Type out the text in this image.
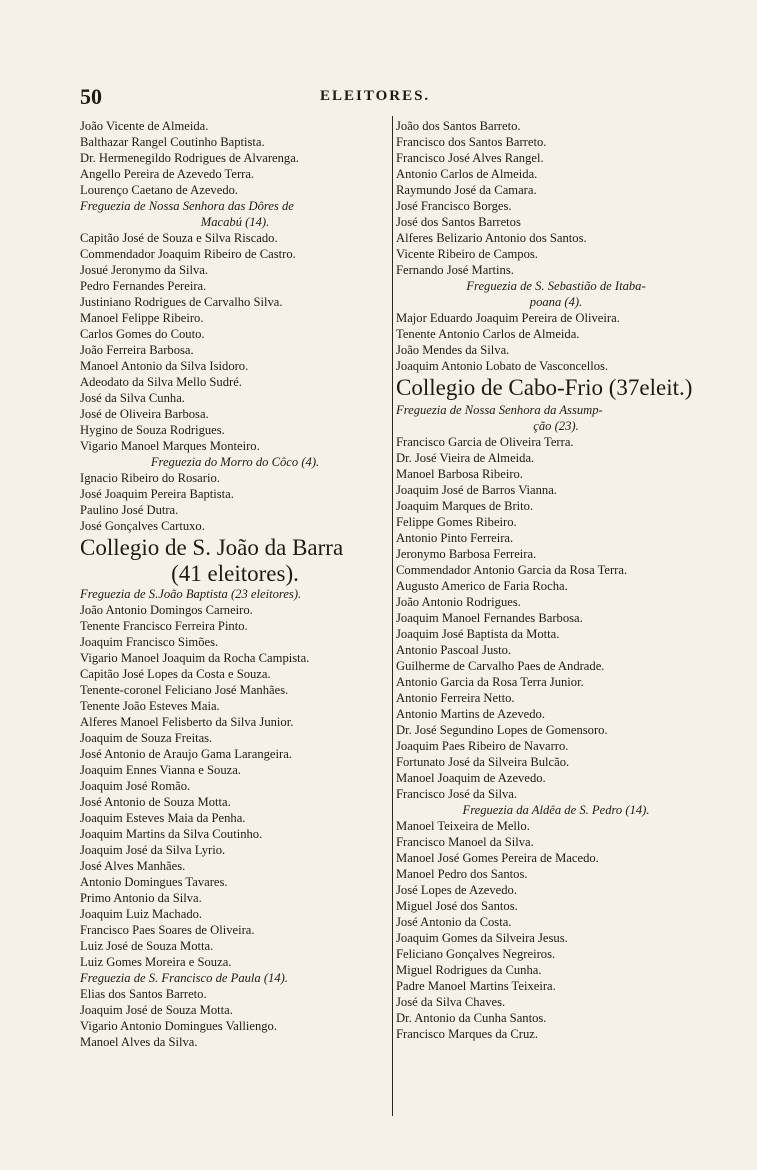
50	ELEITORES.
João Vicente de Almeida.
Balthazar Rangel Coutinho Baptista.
Dr. Hermenegildo Rodrigues de Alvarenga.
Angello Pereira de Azevedo Terra.
Lourenço Caetano de Azevedo.
Freguezia de Nossa Senhora das Dôres de
Macabú (14).
Capitão José de Souza e Silva Riscado.
Commendador Joaquim Ribeiro de Castro.
Josué Jeronymo da Silva.
Pedro Fernandes Pereira.
Justiniano Rodrigues de Carvalho Silva.
Manoel Felippe Ribeiro.
Carlos Gomes do Couto.
João Ferreira Barbosa.
Manoel Antonio da Silva Isidoro.
Adeodato da Silva Mello Sudré.
José da Silva Cunha.
José de Oliveira Barbosa.
Hygino de Souza Rodrigues.
Vigario Manoel Marques Monteiro.
Freguezia do Morro do Côco (4).
Ignacio Ribeiro do Rosario.
José Joaquim Pereira Baptista.
Paulino José Dutra.
José Gonçalves Cartuxo.
Collegio de S. João da Barra
(41 eleitores).
Freguezia de S.João Baptista (23 eleitores).
João Antonio Domingos Carneiro.
Tenente Francisco Ferreira Pinto.
Joaquim Francisco Simões.
Vigario Manoel Joaquim da Rocha Campista.
Capitão José Lopes da Costa e Souza.
Tenente-coronel Feliciano José Manhães.
Tenente João Esteves Maia.
Alferes Manoel Felisberto da Silva Junior.
Joaquim de Souza Freitas.
José Antonio de Araujo Gama Larangeira.
Joaquim Ennes Vianna e Souza.
Joaquim José Romão.
José Antonio de Souza Motta.
Joaquim Esteves Maia da Penha.
Joaquim Martins da Silva Coutinho.
Joaquim José da Silva Lyrio.
José Alves Manhães.
Antonio Domingues Tavares.
Primo Antonio da Silva.
Joaquim Luiz Machado.
Francisco Paes Soares de Oliveira.
Luiz José de Souza Motta.
Luiz Gomes Moreira e Souza.
Freguezia de S. Francisco de Paula (14).
Elias dos Santos Barreto.
Joaquim José de Souza Motta.
Vigario Antonio Domingues Valliengo.
Manoel Alves da Silva.
João dos Santos Barreto.
Francisco dos Santos Barreto.
Francisco José Alves Rangel.
Antonio Carlos de Almeida.
Raymundo José da Camara.
José Francisco Borges.
José dos Santos Barretos
Alferes Belizario Antonio dos Santos.
Vicente Ribeiro de Campos.
Fernando José Martins.
Freguezia de S. Sebastião de Itaba-
poana (4).
Major Eduardo Joaquim Pereira de Oliveira.
Tenente Antonio Carlos de Almeida.
João Mendes da Silva.
Joaquim Antonio Lobato de Vasconcellos.
Collegio de Cabo-Frio (37eleit.)
Freguezia de Nossa Senhora da Assump-
ção (23).
Francisco Garcia de Oliveira Terra.
Dr. José Vieira de Almeida.
Manoel Barbosa Ribeiro.
Joaquim José de Barros Vianna.
Joaquim Marques de Brito.
Felippe Gomes Ribeiro.
Antonio Pinto Ferreira.
Jeronymo Barbosa Ferreira.
Commendador Antonio Garcia da Rosa Terra.
Augusto Americo de Faria Rocha.
João Antonio Rodrigues.
Joaquim Manoel Fernandes Barbosa.
Joaquim José Baptista da Motta.
Antonio Pascoal Justo.
Guilherme de Carvalho Paes de Andrade.
Antonio Garcia da Rosa Terra Junior.
Antonio Ferreira Netto.
Antonio Martins de Azevedo.
Dr. José Segundino Lopes de Gomensoro.
Joaquim Paes Ribeiro de Navarro.
Fortunato José da Silveira Bulcão.
Manoel Joaquim de Azevedo.
Francisco José da Silva.
Freguezia da Aldêa de S. Pedro (14).
Manoel Teixeira de Mello.
Francisco Manoel da Silva.
Manoel José Gomes Pereira de Macedo.
Manoel Pedro dos Santos.
José Lopes de Azevedo.
Miguel José dos Santos.
José Antonio da Costa.
Joaquim Gomes da Silveira Jesus.
Feliciano Gonçalves Negreiros.
Miguel Rodrigues da Cunha.
Padre Manoel Martins Teixeira.
José da Silva Chaves.
Dr. Antonio da Cunha Santos.
Francisco Marques da Cruz.
